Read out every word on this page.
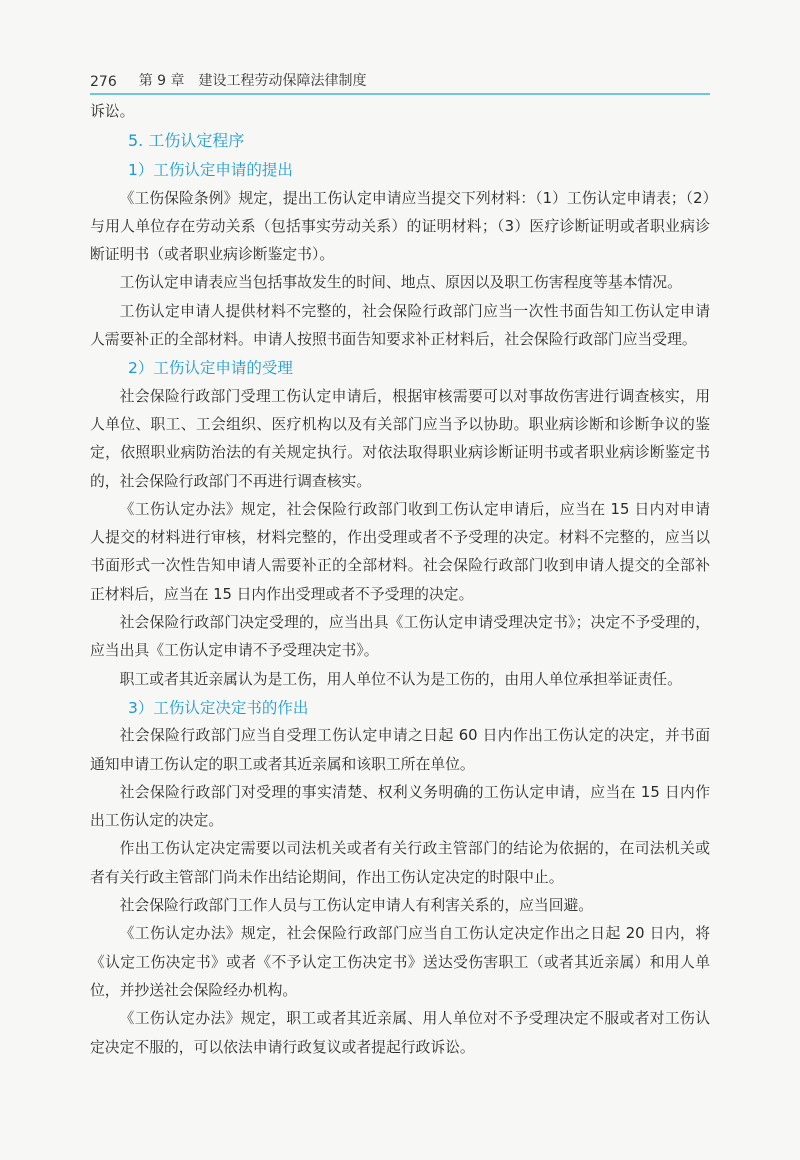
276 第 9 章 建设工程劳动保障法律制度

诉讼。

5. 工伤认定程序

1）工伤认定申请的提出

《工伤保险条例》规定，提出工伤认定申请应当提交下列材料：（1）工伤认定申请表；（2）与用人单位存在劳动关系（包括事实劳动关系）的证明材料；（3）医疗诊断证明或者职业病诊断证明书（或者职业病诊断鉴定书）。

工伤认定申请表应当包括事故发生的时间、地点、原因以及职工伤害程度等基本情况。

工伤认定申请人提供材料不完整的，社会保险行政部门应当一次性书面告知工伤认定申请人需要补正的全部材料。申请人按照书面告知要求补正材料后，社会保险行政部门应当受理。

2）工伤认定申请的受理

社会保险行政部门受理工伤认定申请后，根据审核需要可以对事故伤害进行调查核实，用人单位、职工、工会组织、医疗机构以及有关部门应当予以协助。职业病诊断和诊断争议的鉴定，依照职业病防治法的有关规定执行。对依法取得职业病诊断证明书或者职业病诊断鉴定书的，社会保险行政部门不再进行调查核实。

《工伤认定办法》规定，社会保险行政部门收到工伤认定申请后，应当在 15 日内对申请人提交的材料进行审核，材料完整的，作出受理或者不予受理的决定。材料不完整的，应当以书面形式一次性告知申请人需要补正的全部材料。社会保险行政部门收到申请人提交的全部补正材料后，应当在 15 日内作出受理或者不予受理的决定。

社会保险行政部门决定受理的，应当出具《工伤认定申请受理决定书》；决定不予受理的，应当出具《工伤认定申请不予受理决定书》。

职工或者其近亲属认为是工伤，用人单位不认为是工伤的，由用人单位承担举证责任。

3）工伤认定决定书的作出

社会保险行政部门应当自受理工伤认定申请之日起 60 日内作出工伤认定的决定，并书面通知申请工伤认定的职工或者其近亲属和该职工所在单位。

社会保险行政部门对受理的事实清楚、权利义务明确的工伤认定申请，应当在 15 日内作出工伤认定的决定。

作出工伤认定决定需要以司法机关或者有关行政主管部门的结论为依据的，在司法机关或者有关行政主管部门尚未作出结论期间，作出工伤认定决定的时限中止。

社会保险行政部门工作人员与工伤认定申请人有利害关系的，应当回避。

《工伤认定办法》规定，社会保险行政部门应当自工伤认定决定作出之日起 20 日内，将《认定工伤决定书》或者《不予认定工伤决定书》送达受伤害职工（或者其近亲属）和用人单位，并抄送社会保险经办机构。

《工伤认定办法》规定，职工或者其近亲属、用人单位对不予受理决定不服或者对工伤认定决定不服的，可以依法申请行政复议或者提起行政诉讼。
